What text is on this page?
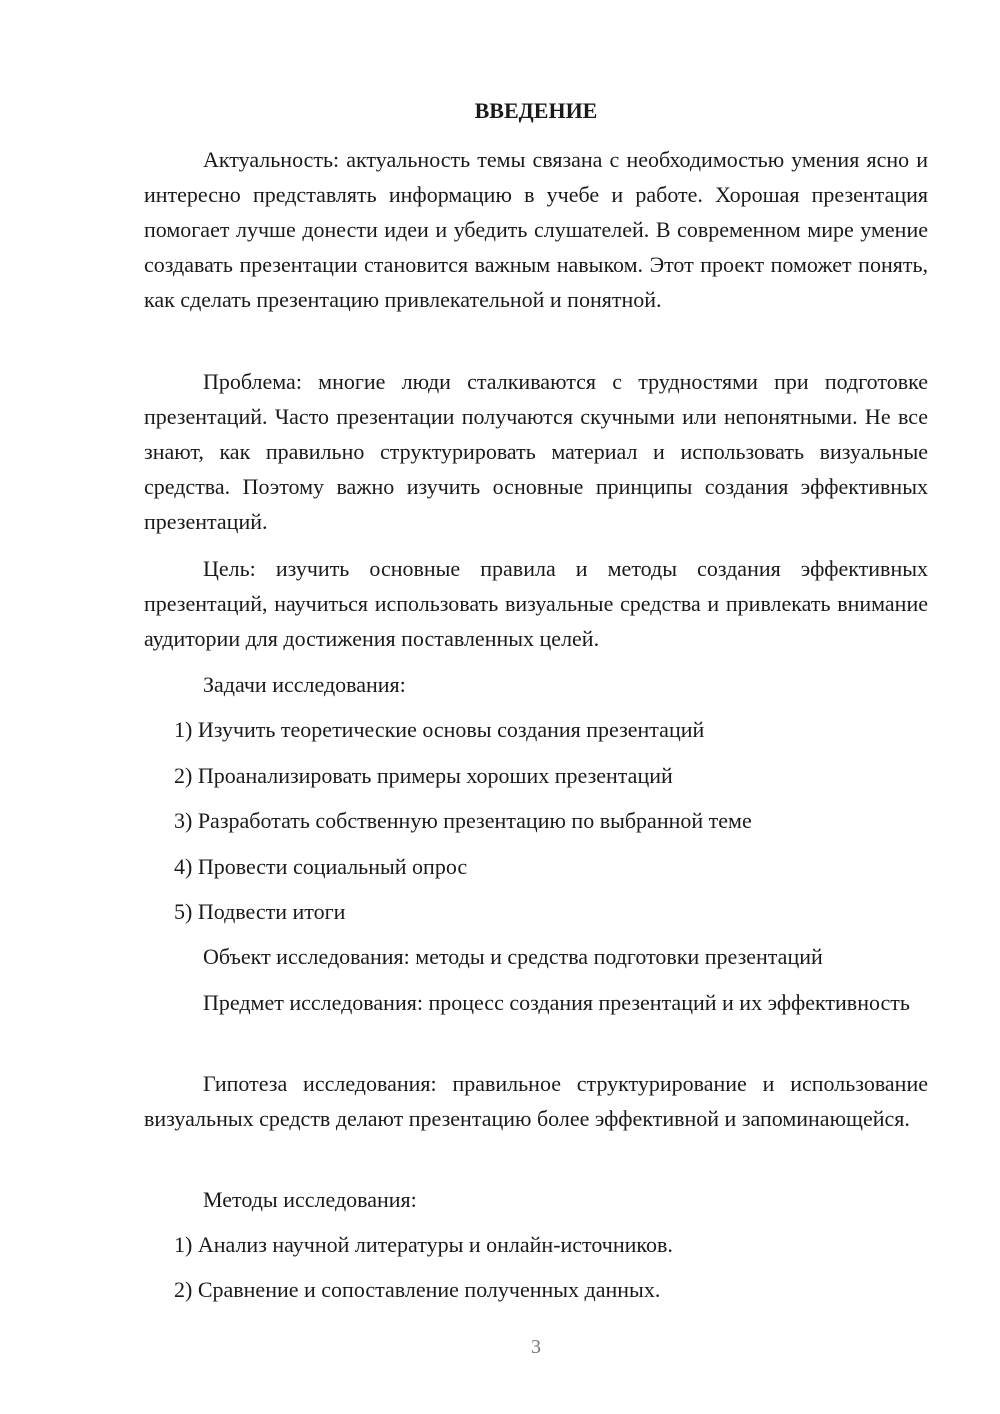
ВВЕДЕНИЕ

Актуальность: актуальность темы связана с необходимостью умения ясно и интересно представлять информацию в учебе и работе. Хорошая презентация помогает лучше донести идеи и убедить слушателей. В современном мире умение создавать презентации становится важным навыком. Этот проект поможет понять, как сделать презентацию привлекательной и понятной.

Проблема: многие люди сталкиваются с трудностями при подготовке презентаций. Часто презентации получаются скучными или непонятными. Не все знают, как правильно структурировать материал и использовать визуальные средства. Поэтому важно изучить основные принципы создания эффективных презентаций.

Цель: изучить основные правила и методы создания эффективных презентаций, научиться использовать визуальные средства и привлекать внимание аудитории для достижения поставленных целей.

Задачи исследования:

1) Изучить теоретические основы создания презентаций

2) Проанализировать примеры хороших презентаций

3) Разработать собственную презентацию по выбранной теме

4) Провести социальный опрос

5) Подвести итоги

Объект исследования: методы и средства подготовки презентаций

Предмет исследования: процесс создания презентаций и их эффективность

Гипотеза исследования: правильное структурирование и использование визуальных средств делают презентацию более эффективной и запоминающейся.

Методы исследования:

1) Анализ научной литературы и онлайн-источников.

2) Сравнение и сопоставление полученных данных.

3
